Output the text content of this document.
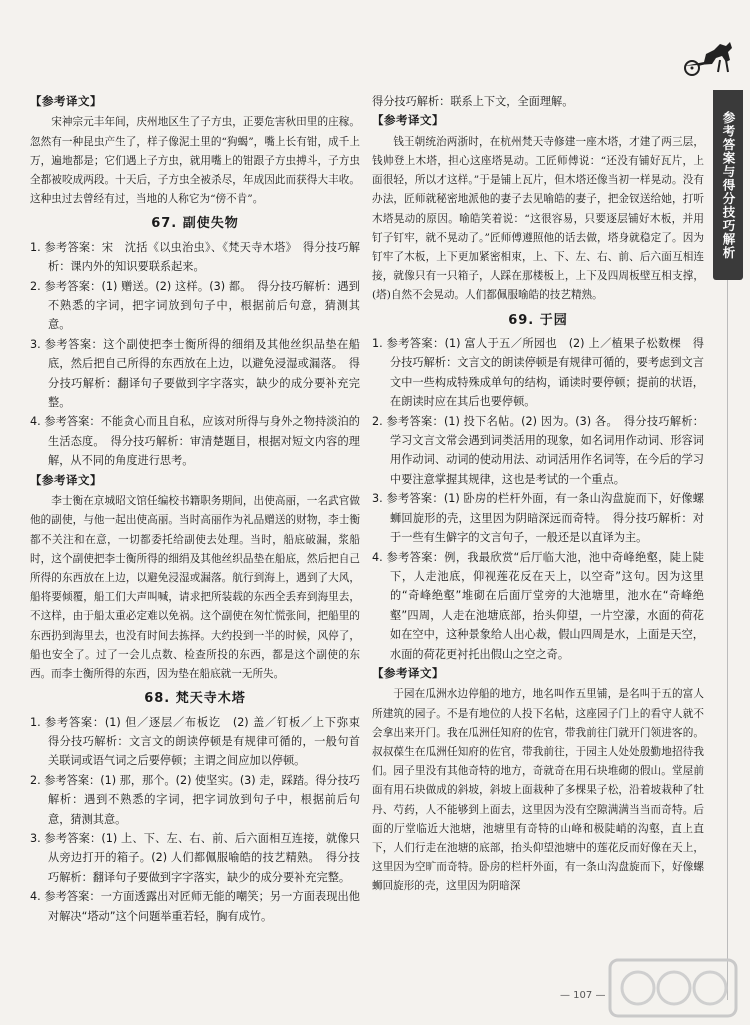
参考答案与得分技巧解析
【参考译文】

宋神宗元丰年间，庆州地区生了子方虫，正要危害秋田里的庄稼。忽然有一种昆虫产生了，样子像泥土里的“狗蝎”，嘴上长有钳，成千上万，遍地都是；它们遇上子方虫，就用嘴上的钳跟子方虫搏斗，子方虫全都被咬成两段。十天后，子方虫全被杀尽，年成因此而获得大丰收。这种虫过去曾经有过，当地的人称它为“傍不肯”。

67. 副使失物

1. 参考答案：宋　沈括《以虫治虫》、《梵天寺木塔》　得分技巧解析：课内外的知识要联系起来。

2. 参考答案：(1) 赠送。(2) 这样。(3) 都。　得分技巧解析：遇到不熟悉的字词，把字词放到句子中，根据前后句意，猜测其意。

3. 参考答案：这个副使把李士衡所得的细绢及其他丝织品垫在船底，然后把自己所得的东西放在上边，以避免浸湿或漏落。　得分技巧解析：翻译句子要做到字字落实，缺少的成分要补充完整。

4. 参考答案：不能贪心而且自私，应该对所得与身外之物持淡泊的生活态度。　得分技巧解析：审清楚题目，根据对短文内容的理解，从不同的角度进行思考。

【参考译文】

李士衡在京城昭文馆任编校书籍职务期间，出使高丽，一名武官做他的副使，与他一起出使高丽。当时高丽作为礼品赠送的财物，李士衡都不关注和在意，一切都委托给副使去处理。当时，船底破漏，浆船时，这个副使把李士衡所得的细绢及其他丝织品垫在船底，然后把自己所得的东西放在上边，以避免浸湿或漏落。航行到海上，遇到了大风，船将要倾覆，船工们大声叫喊，请求把所装载的东西全丢弃到海里去，不这样，由于船太重必定难以免祸。这个副使在匆忙慌张间，把船里的东西扔到海里去，也没有时间去拣择。大约投到一半的时候，风停了，船也安全了。过了一会儿点数、检查所投的东西，都是这个副使的东西。而李士衡所得的东西，因为垫在船底就一无所失。

68. 梵天寺木塔

1. 参考答案：(1) 但／逐层／布板讫　(2) 盖／钉板／上下弥束　得分技巧解析：文言文的朗读停顿是有规律可循的，一般句首关联词或语气词之后要停顿；主谓之间应加以停顿。

2. 参考答案：(1) 那，那个。(2) 使坚实。(3) 走，踩踏。得分技巧解析：遇到不熟悉的字词，把字词放到句子中，根据前后句意，猜测其意。

3. 参考答案：(1) 上、下、左、右、前、后六面相互连接，就像只从旁边打开的箱子。(2) 人们都佩服喻皓的技艺精熟。　得分技巧解析：翻译句子要做到字字落实，缺少的成分要补充完整。

4. 参考答案：一方面透露出对匠师无能的嘲笑；另一方面表现出他对解决“塔动”这个问题举重若轻，胸有成竹。

得分技巧解析：联系上下文，全面理解。

【参考译文】

钱王朝统治两浙时，在杭州梵天寺修建一座木塔，才建了两三层，钱帅登上木塔，担心这座塔晃动。工匠师傅说：“还没有铺好瓦片，上面很轻，所以才这样。”于是铺上瓦片，但木塔还像当初一样晃动。没有办法，匠师就秘密地派他的妻子去见喻皓的妻子，把金钗送给她，打听木塔晃动的原因。喻皓笑着说：“这很容易，只要逐层铺好木板，并用钉子钉牢，就不晃动了。”匠师傅遵照他的话去做，塔身就稳定了。因为钉牢了木板，上下更加紧密相束，上、下、左、右、前、后六面互相连接，就像只有一只箱子，人踩在那楼板上，上下及四周板壁互相支撑，(塔)自然不会晃动。人们都佩服喻皓的技艺精熟。

69. 于园

1. 参考答案：(1) 富人于五／所园也　(2) 上／植果子松数棵　得分技巧解析：文言文的朗读停顿是有规律可循的，要考虑到文言文中一些构成特殊成单句的结构，诵读时要停顿；提前的状语，在朗读时应在其后也要停顿。

2. 参考答案：(1) 投下名帖。(2) 因为。(3) 各。　得分技巧解析：学习文言文常会遇到词类活用的现象，如名词用作动词、形容词用作动词、动词的使动用法、动词活用作名词等，在今后的学习中要注意掌握其规律，这也是考试的一个重点。

3. 参考答案：(1) 卧房的栏杆外面，有一条山沟盘旋而下，好像螺蛳回旋形的壳，这里因为阴暗深远而奇特。　得分技巧解析：对于一些有生僻字的文言句子，一般还是以直译为主。

4. 参考答案：例，我最欣赏“后厅临大池，池中奇峰绝壑，陡上陡下，人走池底，仰视莲花反在天上，以空奇”这句。因为这里的“奇峰绝壑”堆砌在后面厅堂旁的大池塘里，池水在“奇峰绝壑”四周，人走在池塘底部，抬头仰望，一片空濛，水面的荷花如在空中，这种景象给人出心裁，假山四周是水，上面是天空，水面的荷花更衬托出假山之空之奇。

【参考译文】

于园在瓜洲水边停船的地方，地名叫作五里铺，是名叫于五的富人所建筑的园子。不是有地位的人投下名帖，这座园子门上的看守人就不会拿出来开门。我在瓜洲任知府的佐官，带我前往门就开门领进客的。叔叔葆生在瓜洲任知府的佐官，带我前往，于园主人处处殷勤地招待我们。园子里没有其他奇特的地方，奇就奇在用石块堆砌的假山。堂屋前面有用石块做成的斜坡，斜坡上面栽种了多棵果子松，沿着坡栽种了牡丹、芍药，人不能够到上面去，这里因为没有空隙满满当当而奇特。后面的厅堂临近大池塘，池塘里有奇特的山峰和极陡峭的沟壑，直上直下，人们行走在池塘的底部，抬头仰望池塘中的莲花反而好像在天上，这里因为空旷而奇特。卧房的栏杆外面，有一条山沟盘旋而下，好像螺蛳回旋形的壳，这里因为阴暗深

— 107 —
